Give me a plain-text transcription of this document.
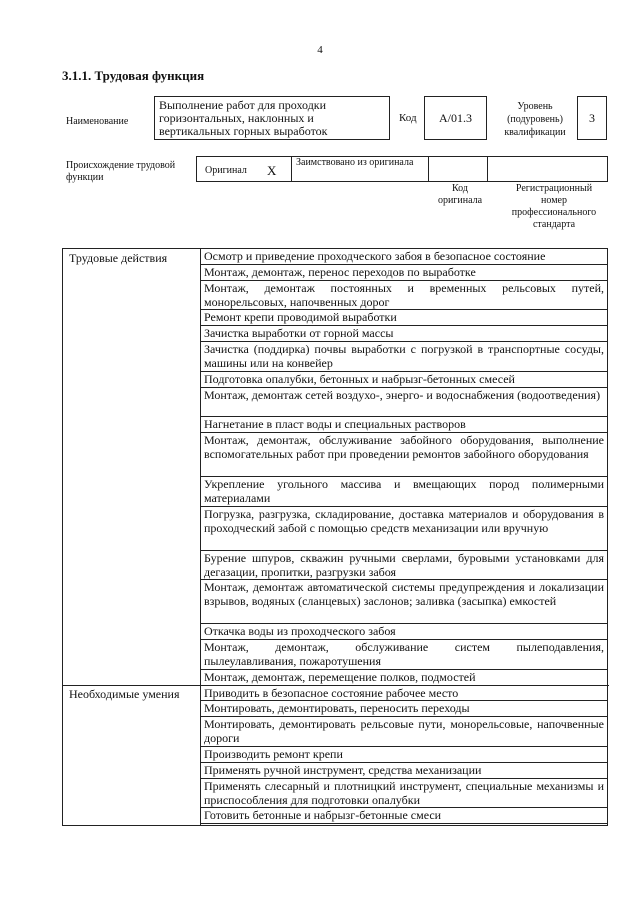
4
3.1.1. Трудовая функция
Наименование
Выполнение работ для проходки горизонтальных, наклонных и вертикальных горных выработок
Код A/01.3
Уровень (подуровень) квалификации
3
Происхождение трудовой функции
Оригинал X
Заимствовано из оригинала
Код оригинала
Регистрационный номер профессионального стандарта
Трудовые действия
Необходимые умения
Осмотр и приведение проходческого забоя в безопасное состояние
Монтаж, демонтаж, перенос переходов по выработке
Монтаж, демонтаж постоянных и временных рельсовых путей, монорельсовых, напочвенных дорог
Ремонт крепи проводимой выработки
Зачистка выработки от горной массы
Зачистка (поддирка) почвы выработки с погрузкой в транспортные сосуды, машины или на конвейер
Подготовка опалубки, бетонных и набрызг-бетонных смесей
Монтаж, демонтаж сетей воздухо-, энерго- и водоснабжения (водоотведения)
Нагнетание в пласт воды и специальных растворов
Монтаж, демонтаж, обслуживание забойного оборудования, выполнение вспомогательных работ при проведении ремонтов забойного оборудования
Укрепление угольного массива и вмещающих пород полимерными материалами
Погрузка, разгрузка, складирование, доставка материалов и оборудования в проходческий забой с помощью средств механизации или вручную
Бурение шпуров, скважин ручными сверлами, буровыми установками для дегазации, пропитки, разгрузки забоя
Монтаж, демонтаж автоматической системы предупреждения и локализации взрывов, водяных (сланцевых) заслонов; заливка (засыпка) емкостей
Откачка воды из проходческого забоя
Монтаж, демонтаж, обслуживание систем пылеподавления, пылеулавливания, пожаротушения
Монтаж, демонтаж, перемещение полков, подмостей
Приводить в безопасное состояние рабочее место
Монтировать, демонтировать, переносить переходы
Монтировать, демонтировать рельсовые пути, монорельсовые, напочвенные дороги
Производить ремонт крепи
Применять ручной инструмент, средства механизации
Применять слесарный и плотницкий инструмент, специальные механизмы и приспособления для подготовки опалубки
Готовить бетонные и набрызг-бетонные смеси
